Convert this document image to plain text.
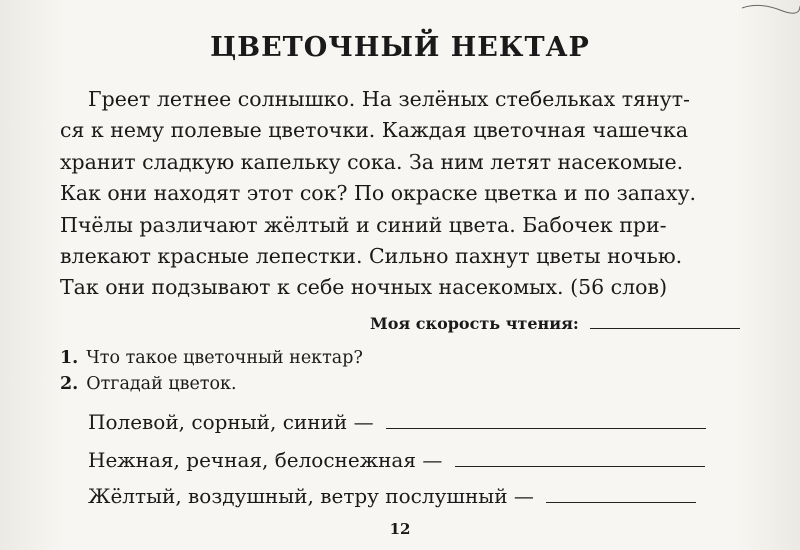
ЦВЕТОЧНЫЙ НЕКТАР
Греет летнее солнышко. На зелёных стебельках тянут-
ся к нему полевые цветочки. Каждая цветочная чашечка
хранит сладкую капельку сока. За ним летят насекомые.
Как они находят этот сок? По окраске цветка и по запаху.
Пчёлы различают жёлтый и синий цвета. Бабочек при-
влекают красные лепестки. Сильно пахнут цветы ночью.
Так они подзывают к себе ночных насекомых. (56 слов)
Моя скорость чтения:
1. Что такое цветочный нектар?
2. Отгадай цветок.
Полевой, сорный, синий —
Нежная, речная, белоснежная —
Жёлтый, воздушный, ветру послушный —
12
